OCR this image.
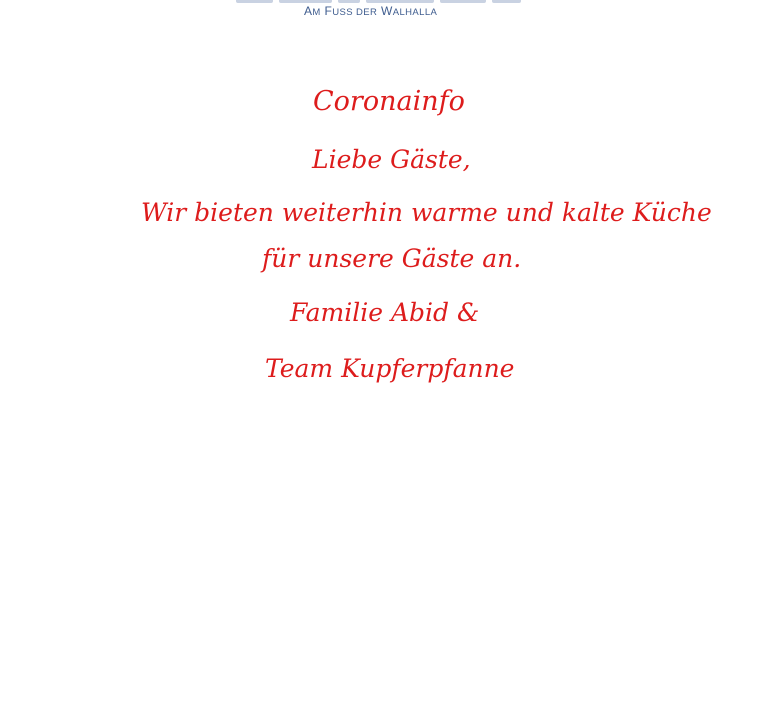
AM FUSS DER WALHALLA
Coronainfo
Liebe Gäste,
Wir bieten weiterhin warme und kalte Küche
für unsere Gäste an.
Familie Abid &
Team Kupferpfanne
